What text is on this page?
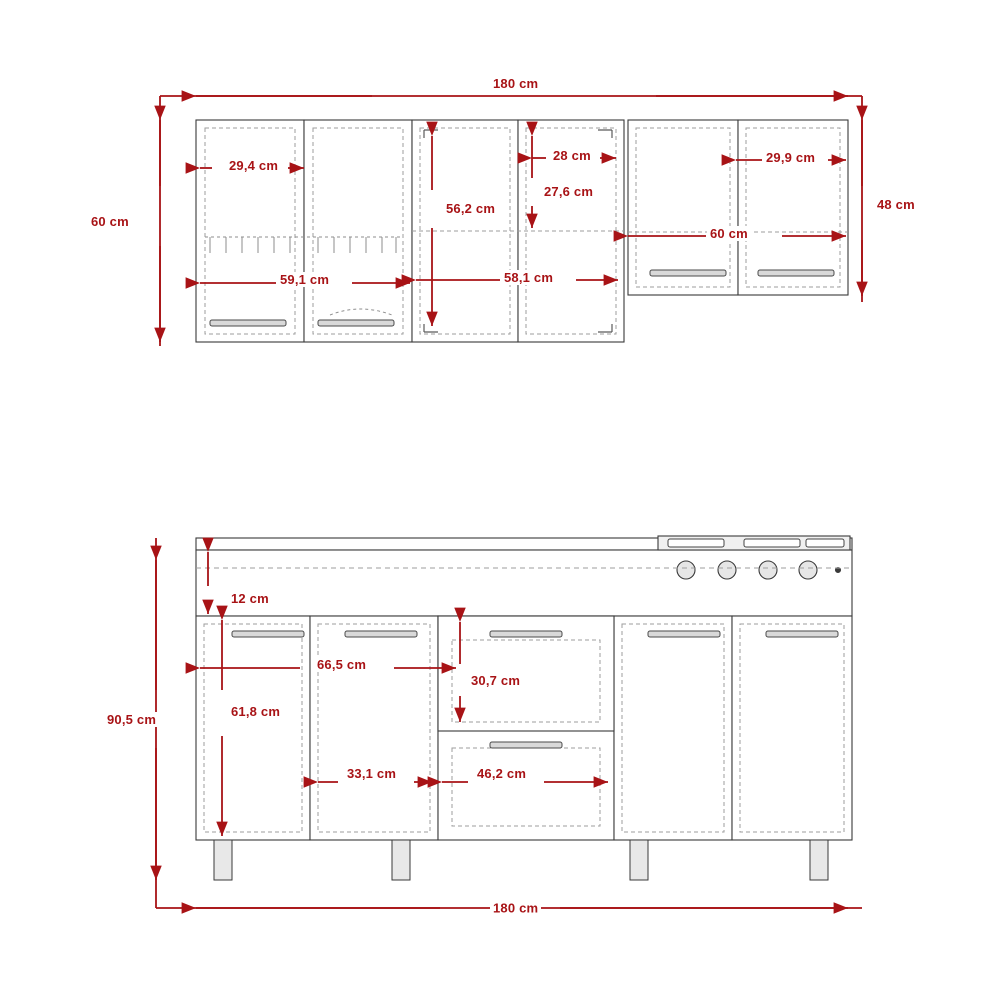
180 cm
60 cm
48 cm
29,4 cm
59,1 cm
56,2 cm
28 cm
27,6 cm
58,1 cm
29,9 cm
60 cm
90,5 cm
180 cm
12 cm
61,8 cm
66,5 cm
30,7 cm
33,1 cm	46,2 cm
